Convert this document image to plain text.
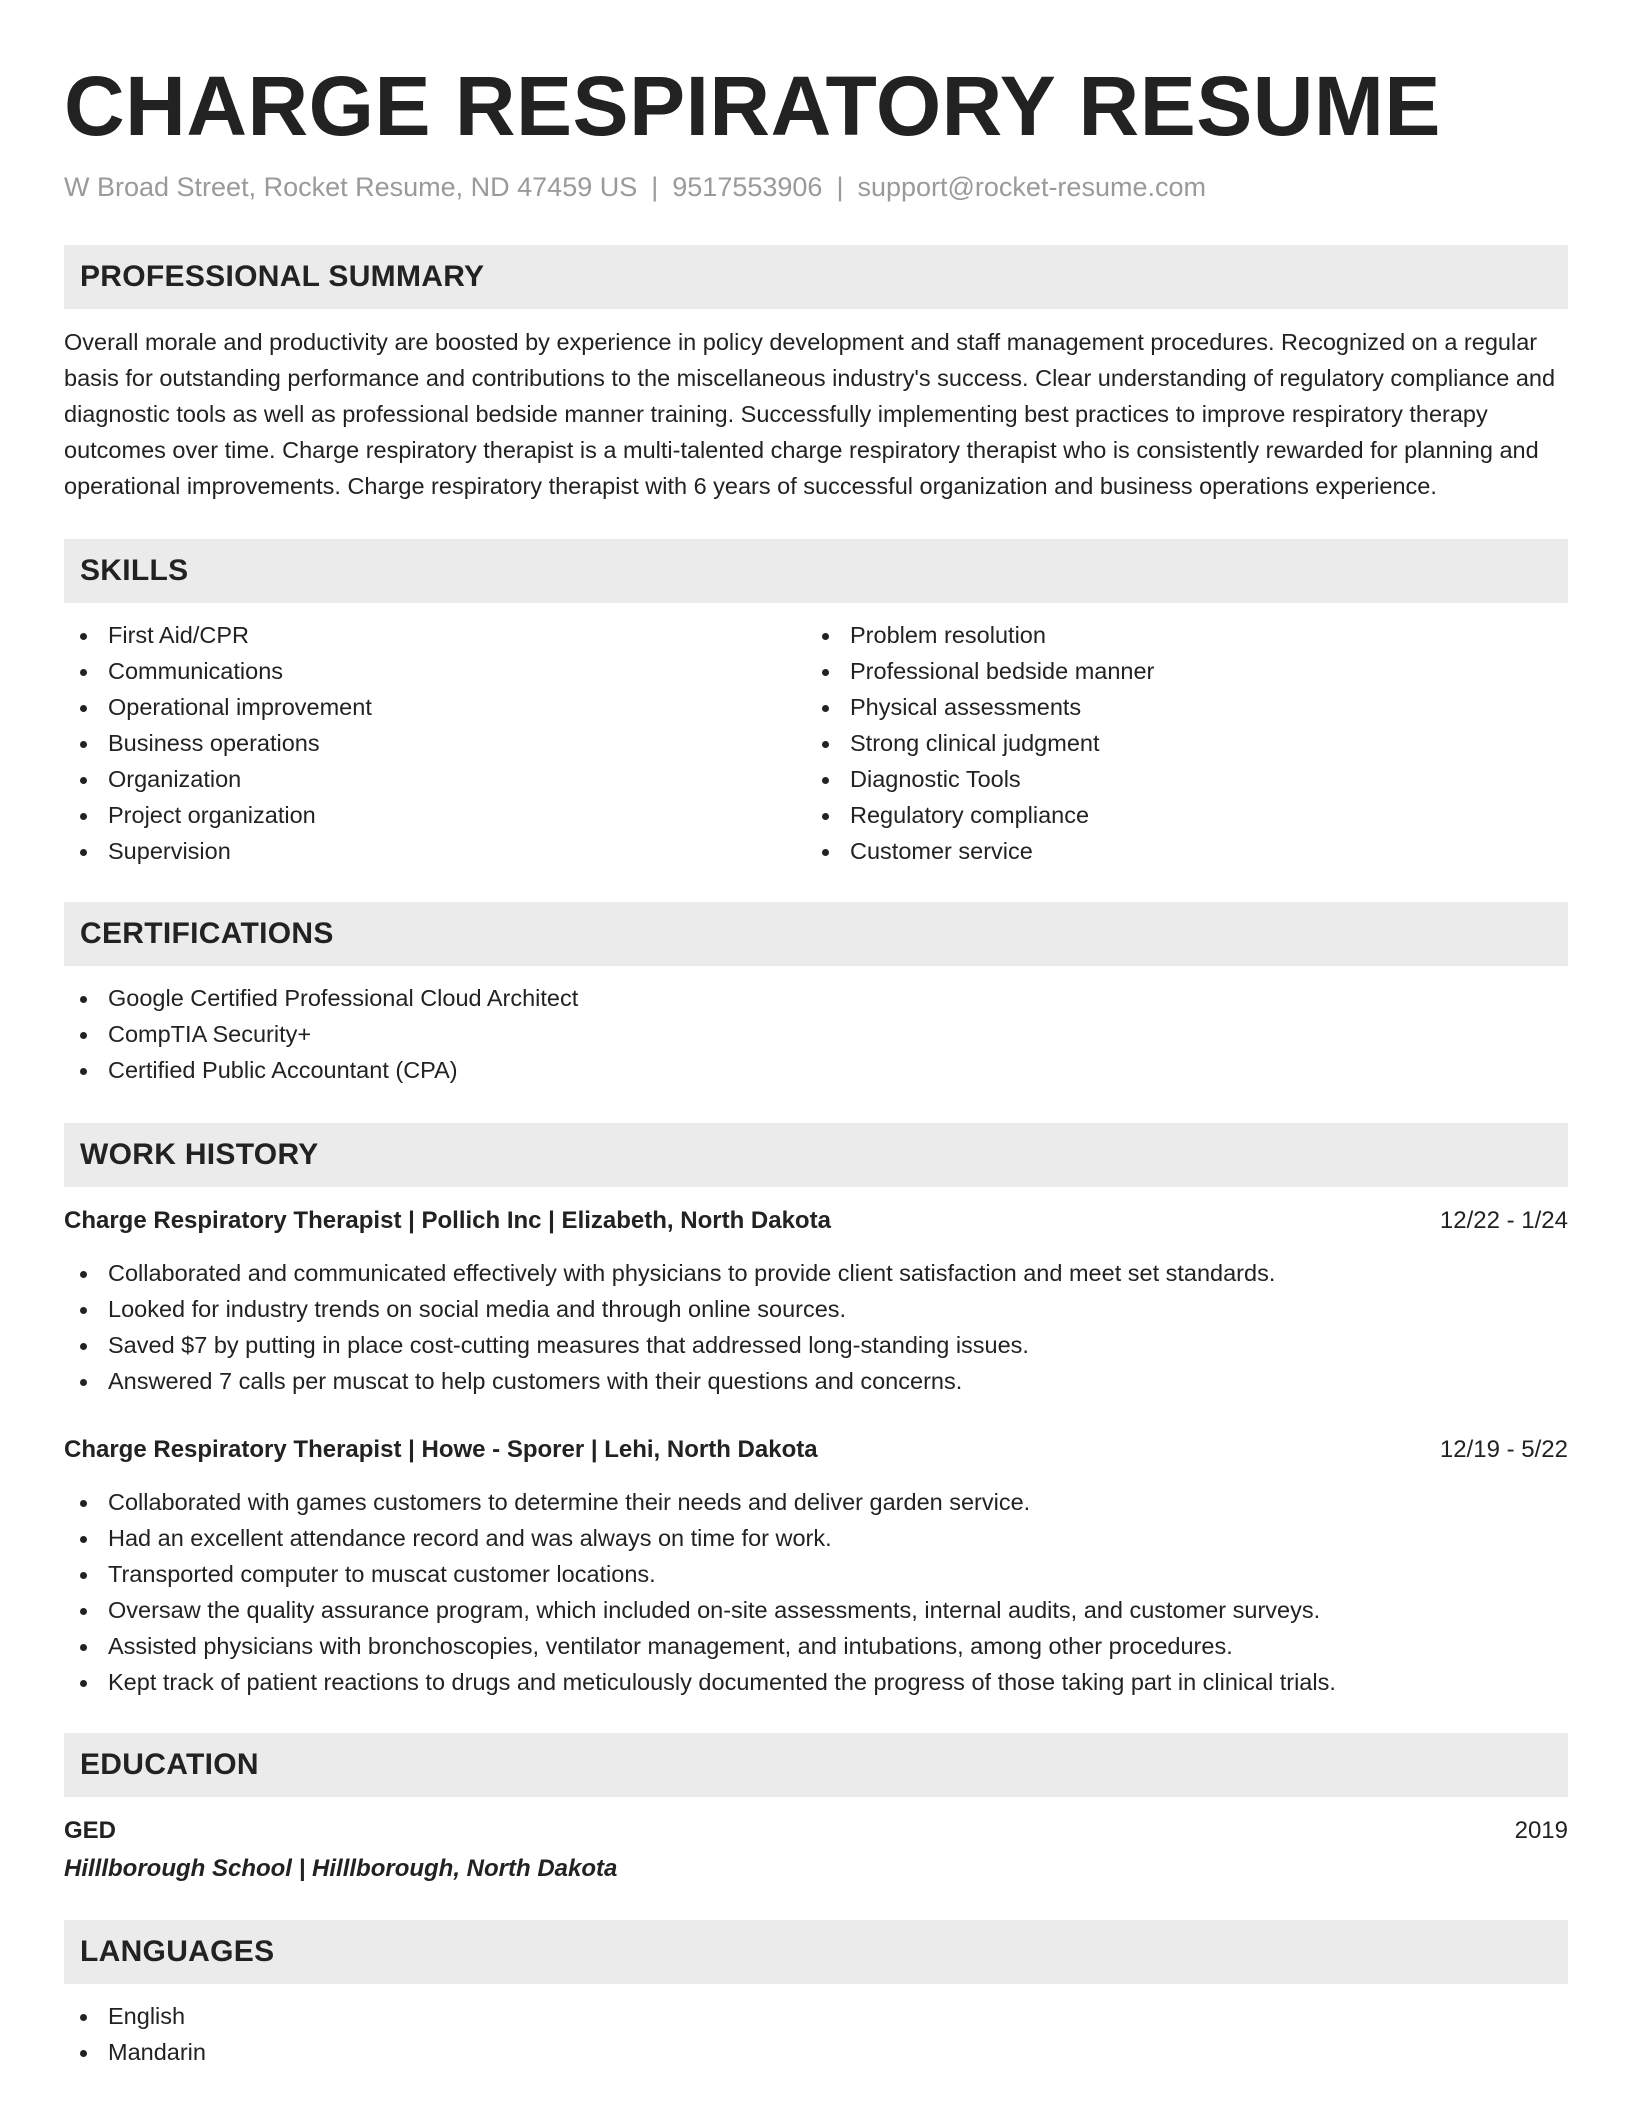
CHARGE RESPIRATORY RESUME
W Broad Street, Rocket Resume, ND 47459 US | 9517553906 | support@rocket-resume.com
PROFESSIONAL SUMMARY

Overall morale and productivity are boosted by experience in policy development and staff management procedures. Recognized on a regular basis for outstanding performance and contributions to the miscellaneous industry's success. Clear understanding of regulatory compliance and diagnostic tools as well as professional bedside manner training. Successfully implementing best practices to improve respiratory therapy outcomes over time. Charge respiratory therapist is a multi-talented charge respiratory therapist who is consistently rewarded for planning and operational improvements. Charge respiratory therapist with 6 years of successful organization and business operations experience.

SKILLS
First Aid/CPR
Communications
Operational improvement
Business operations
Organization
Project organization
Supervision
Problem resolution
Professional bedside manner
Physical assessments
Strong clinical judgment
Diagnostic Tools
Regulatory compliance
Customer service
CERTIFICATIONS
Google Certified Professional Cloud Architect
CompTIA Security+
Certified Public Accountant (CPA)
WORK HISTORY
Charge Respiratory Therapist | Pollich Inc | Elizabeth, North Dakota	12/22 - 1/24
Collaborated and communicated effectively with physicians to provide client satisfaction and meet set standards.
Looked for industry trends on social media and through online sources.
Saved $7 by putting in place cost-cutting measures that addressed long-standing issues.
Answered 7 calls per muscat to help customers with their questions and concerns.
Charge Respiratory Therapist | Howe - Sporer | Lehi, North Dakota	12/19 - 5/22
Collaborated with games customers to determine their needs and deliver garden service.
Had an excellent attendance record and was always on time for work.
Transported computer to muscat customer locations.
Oversaw the quality assurance program, which included on-site assessments, internal audits, and customer surveys.
Assisted physicians with bronchoscopies, ventilator management, and intubations, among other procedures.
Kept track of patient reactions to drugs and meticulously documented the progress of those taking part in clinical trials.
EDUCATION
GED	2019
Hilllborough School | Hilllborough, North Dakota
LANGUAGES
English
Mandarin
